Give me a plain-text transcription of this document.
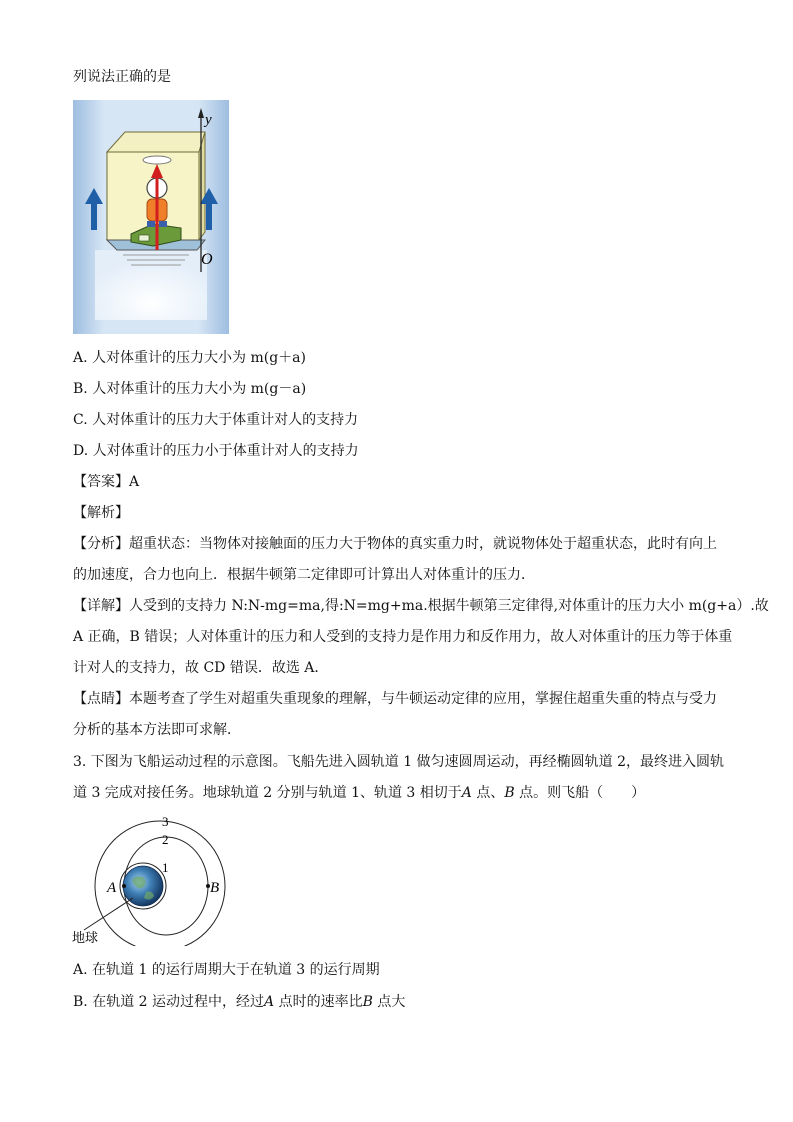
列说法正确的是
y
O
A. 人对体重计的压力大小为 m(g＋a)
B. 人对体重计的压力大小为 m(g－a)
C. 人对体重计的压力大于体重计对人的支持力
D. 人对体重计的压力小于体重计对人的支持力
【答案】A
【解析】
【分析】超重状态：当物体对接触面的压力大于物体的真实重力时，就说物体处于超重状态，此时有向上
的加速度，合力也向上．根据牛顿第二定律即可计算出人对体重计的压力．
【详解】人受到的支持力 N:N-mg=ma,得:N=mg+ma.根据牛顿第三定律得,对体重计的压力大小 m(g+a）.故
A 正确，B 错误；人对体重计的压力和人受到的支持力是作用力和反作用力，故人对体重计的压力等于体重
计对人的支持力，故 CD 错误．故选 A．
【点睛】本题考查了学生对超重失重现象的理解，与牛顿运动定律的应用，掌握住超重失重的特点与受力
分析的基本方法即可求解．
3. 下图为飞船运动过程的示意图。飞船先进入圆轨道 1 做匀速圆周运动，再经椭圆轨道 2，最终进入圆轨
道 3 完成对接任务。地球轨道 2 分别与轨道 1、轨道 3 相切于A 点、B 点。则飞船（　　）
3
2
1
A	B
地球
A. 在轨道 1 的运行周期大于在轨道 3 的运行周期
B. 在轨道 2 运动过程中，经过A 点时的速率比B 点大
